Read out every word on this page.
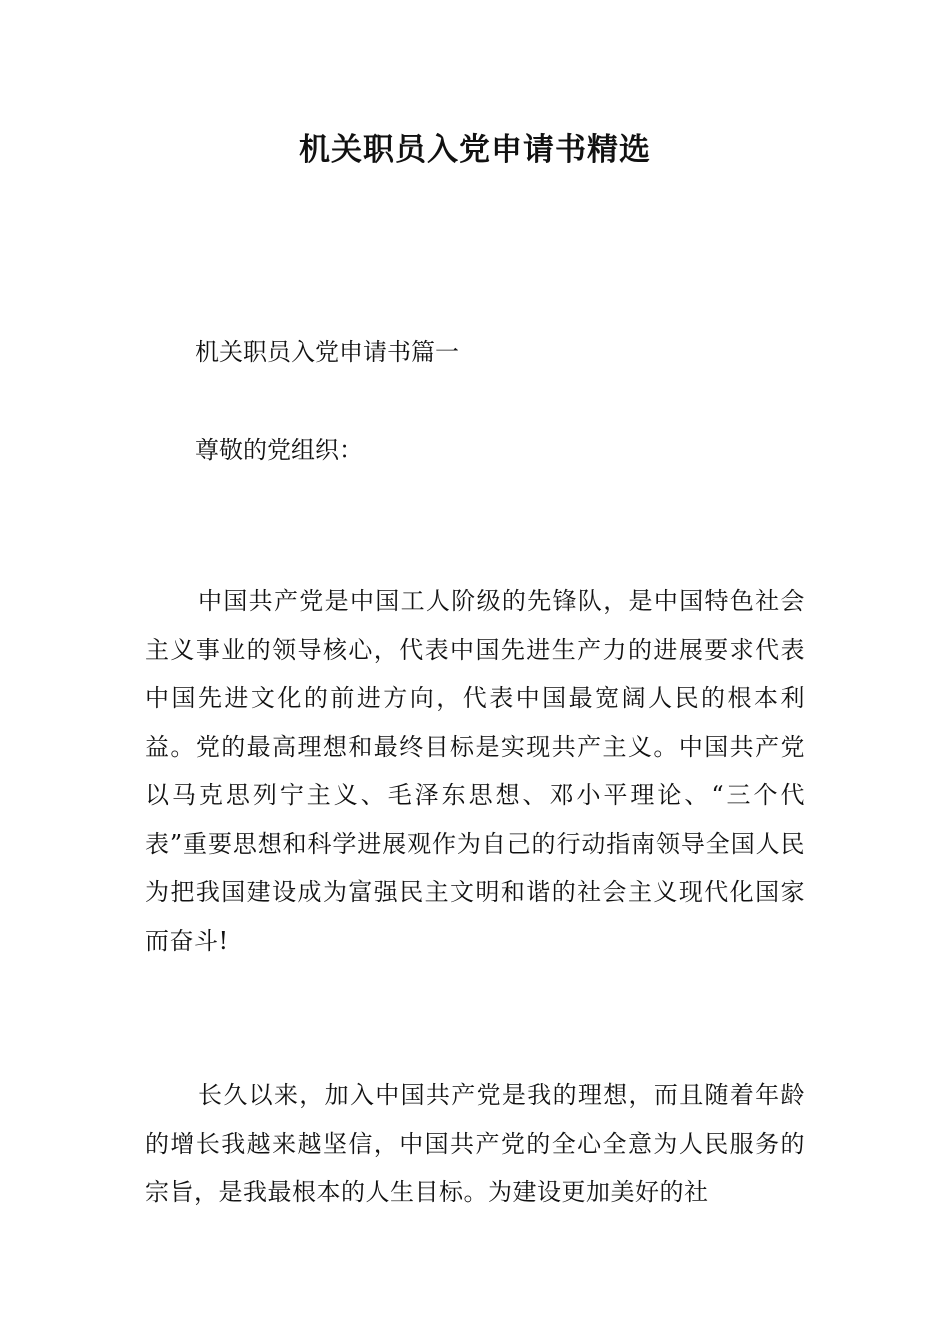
机关职员入党申请书精选
机关职员入党申请书篇一
尊敬的党组织：
中国共产党是中国工人阶级的先锋队，是中国特色社会主义事业的领导核心，代表中国先进生产力的进展要求代表中国先进文化的前进方向，代表中国最宽阔人民的根本利益。党的最高理想和最终目标是实现共产主义。中国共产党以马克思列宁主义、毛泽东思想、邓小平理论、“三个代表”重要思想和科学进展观作为自己的行动指南领导全国人民为把我国建设成为富强民主文明和谐的社会主义现代化国家而奋斗!
长久以来，加入中国共产党是我的理想，而且随着年龄的增长我越来越坚信，中国共产党的全心全意为人民服务的宗旨，是我最根本的人生目标。为建设更加美好的社
